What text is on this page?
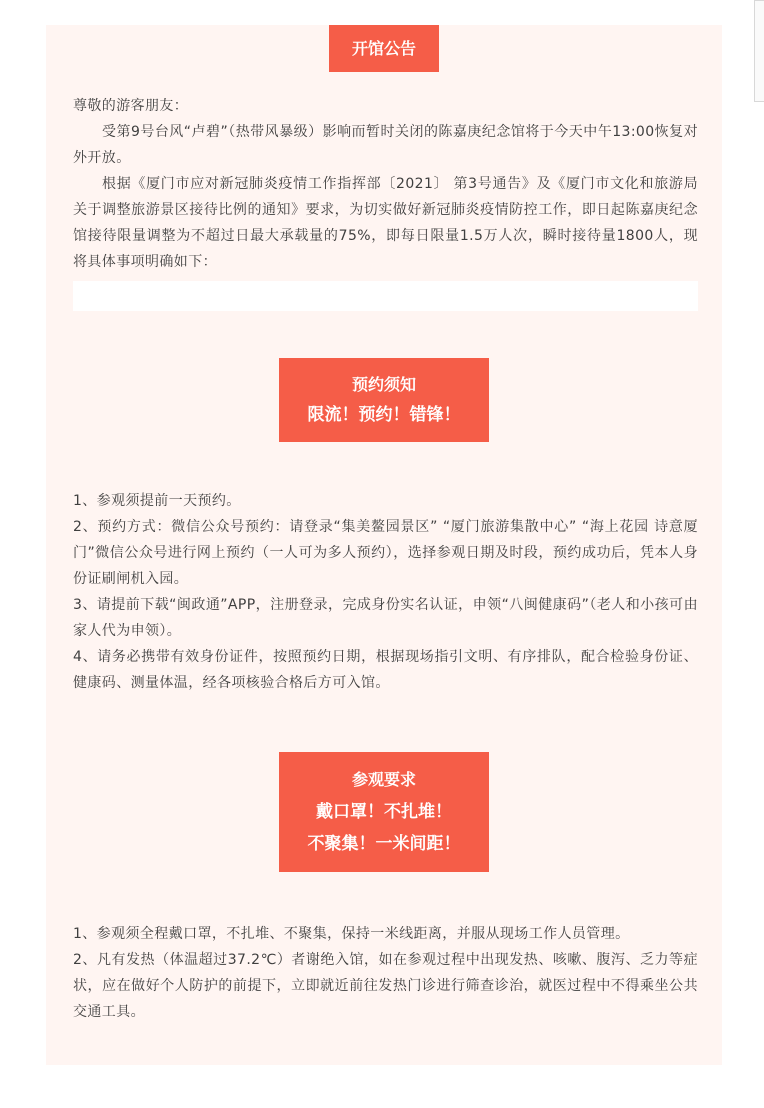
开馆公告

尊敬的游客朋友：

受第9号台风“卢碧”（热带风暴级）影响而暂时关闭的陈嘉庚纪念馆将于今天中午13:00恢复对外开放。

根据《厦门市应对新冠肺炎疫情工作指挥部〔2021〕 第3号通告》及《厦门市文化和旅游局关于调整旅游景区接待比例的通知》要求，为切实做好新冠肺炎疫情防控工作，即日起陈嘉庚纪念馆接待限量调整为不超过日最大承载量的75%，即每日限量1.5万人次，瞬时接待量1800人，现将具体事项明确如下：

预约须知
限流！预约！错锋！

1、参观须提前一天预约。

2、预约方式：微信公众号预约：请登录“集美鳌园景区” “厦门旅游集散中心” “海上花园 诗意厦门”微信公众号进行网上预约（一人可为多人预约），选择参观日期及时段，预约成功后，凭本人身份证刷闸机入园。

3、请提前下载“闽政通”APP，注册登录，完成身份实名认证，申领“八闽健康码”（老人和小孩可由家人代为申领）。

4、请务必携带有效身份证件，按照预约日期，根据现场指引文明、有序排队，配合检验身份证、健康码、测量体温，经各项核验合格后方可入馆。

参观要求
戴口罩！不扎堆！
不聚集！一米间距！

1、参观须全程戴口罩，不扎堆、不聚集，保持一米线距离，并服从现场工作人员管理。

2、凡有发热（体温超过37.2℃）者谢绝入馆，如在参观过程中出现发热、咳嗽、腹泻、乏力等症状，应在做好个人防护的前提下，立即就近前往发热门诊进行筛查诊治，就医过程中不得乘坐公共交通工具。
